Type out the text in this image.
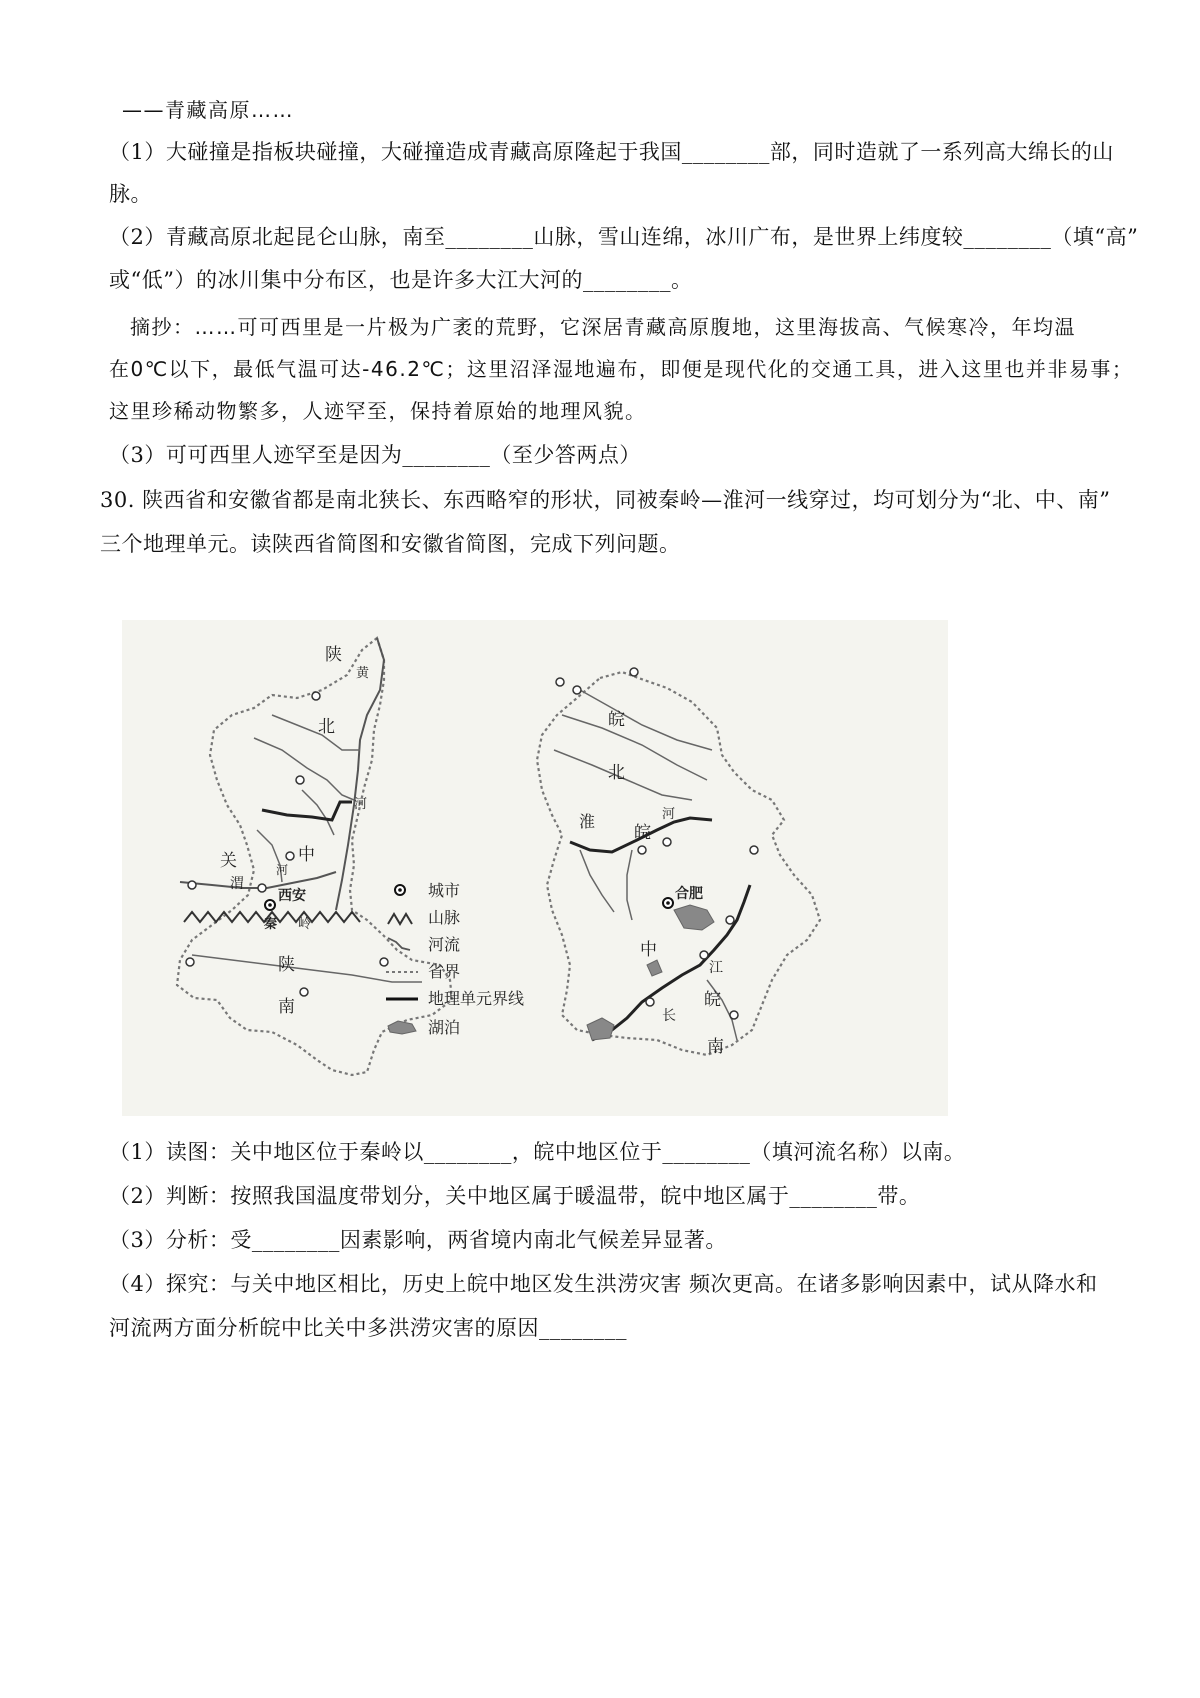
——青藏高原……
（1）大碰撞是指板块碰撞，大碰撞造成青藏高原隆起于我国________部，同时造就了一系列高大绵长的山
脉。
（2）青藏高原北起昆仑山脉，南至________山脉，雪山连绵，冰川广布，是世界上纬度较________（填“高”
或“低”）的冰川集中分布区，也是许多大江大河的________。
摘抄：……可可西里是一片极为广袤的荒野，它深居青藏高原腹地，这里海拔高、气候寒冷，年均温
在0℃以下，最低气温可达-46.2℃；这里沼泽湿地遍布，即便是现代化的交通工具，进入这里也并非易事；
这里珍稀动物繁多，人迹罕至，保持着原始的地理风貌。
（3）可可西里人迹罕至是因为________（至少答两点）
30. 陕西省和安徽省都是南北狭长、东西略窄的形状，同被秦岭—淮河一线穿过，均可划分为“北、中、南”
三个地理单元。读陕西省简图和安徽省简图，完成下列问题。
陕
黄
北
河
关
渭
河
中
西安
秦 岭
陕
南
皖
北
河
淮
皖
合肥
中
江
皖
长
南
城市
山脉
河流
省界
地理单元界线
湖泊
（1）读图：关中地区位于秦岭以________，皖中地区位于________（填河流名称）以南。
（2）判断：按照我国温度带划分，关中地区属于暖温带，皖中地区属于________带。
（3）分析：受________因素影响，两省境内南北气候差异显著。
（4）探究：与关中地区相比，历史上皖中地区发生洪涝灾害 频次更高。在诸多影响因素中，试从降水和
河流两方面分析皖中比关中多洪涝灾害的原因________
